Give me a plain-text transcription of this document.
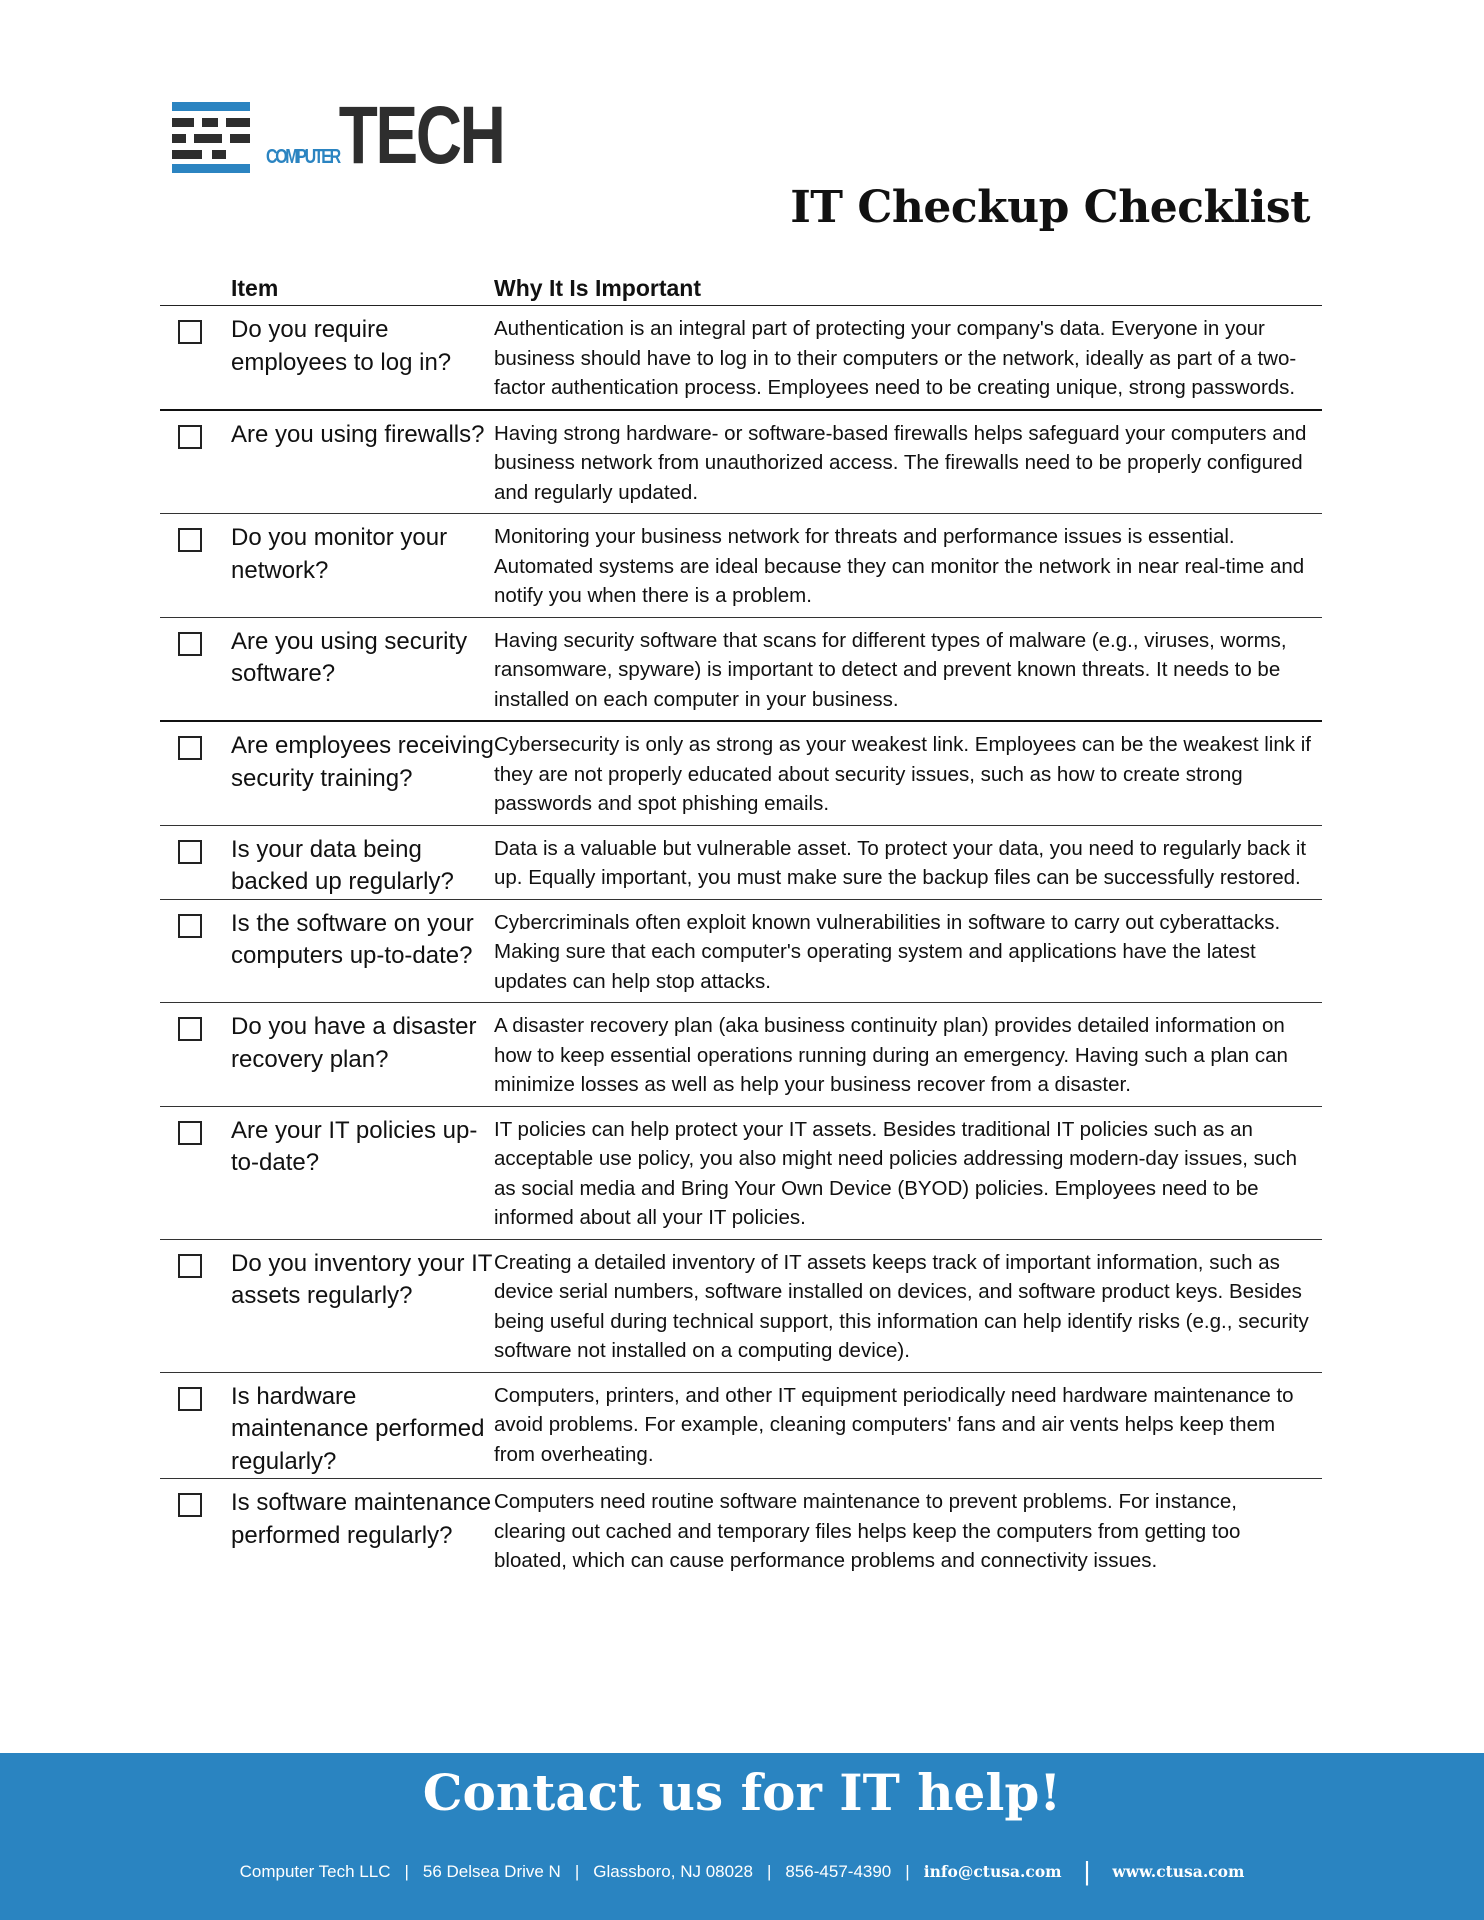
COMPUTERTECH
IT Checkup Checklist
Item	Why It Is Important
Do you require employees to log in?
Authentication is an integral part of protecting your company's data. Everyone in your business should have to log in to their computers or the network, ideally as part of a two-factor authentication process. Employees need to be creating unique, strong passwords.
Are you using firewalls? Having strong hardware- or software-based firewalls helps safeguard your computers and business network from unauthorized access. The firewalls need to be properly configured and regularly updated.
Do you monitor your network?
Monitoring your business network for threats and performance issues is essential. Automated systems are ideal because they can monitor the network in near real-time and notify you when there is a problem.
Are you using security software?
Having security software that scans for different types of malware (e.g., viruses, worms, ransomware, spyware) is important to detect and prevent known threats. It needs to be installed on each computer in your business.
Are employees receiving security training?
Cybersecurity is only as strong as your weakest link. Employees can be the weakest link if they are not properly educated about security issues, such as how to create strong passwords and spot phishing emails.
Is your data being backed up regularly?
Data is a valuable but vulnerable asset. To protect your data, you need to regularly back it up. Equally important, you must make sure the backup files can be successfully restored.
Is the software on your computers up-to-date?
Cybercriminals often exploit known vulnerabilities in software to carry out cyberattacks. Making sure that each computer's operating system and applications have the latest updates can help stop attacks.
Do you have a disaster recovery plan?
A disaster recovery plan (aka business continuity plan) provides detailed information on how to keep essential operations running during an emergency. Having such a plan can minimize losses as well as help your business recover from a disaster.
Are your IT policies up-to-date?
IT policies can help protect your IT assets. Besides traditional IT policies such as an acceptable use policy, you also might need policies addressing modern-day issues, such as social media and Bring Your Own Device (BYOD) policies. Employees need to be informed about all your IT policies.
Do you inventory your IT assets regularly?
Creating a detailed inventory of IT assets keeps track of important information, such as device serial numbers, software installed on devices, and software product keys. Besides being useful during technical support, this information can help identify risks (e.g., security software not installed on a computing device).
Is hardware maintenance performed regularly?
Computers, printers, and other IT equipment periodically need hardware maintenance to avoid problems. For example, cleaning computers' fans and air vents helps keep them from overheating.
Is software maintenance performed regularly?
Computers need routine software maintenance to prevent problems. For instance, clearing out cached and temporary files helps keep the computers from getting too bloated, which can cause performance problems and connectivity issues.
Contact us for IT help!
Computer Tech LLC | 56 Delsea Drive N | Glassboro, NJ 08028 | 856-457-4390 | info@ctusa.com | www.ctusa.com
